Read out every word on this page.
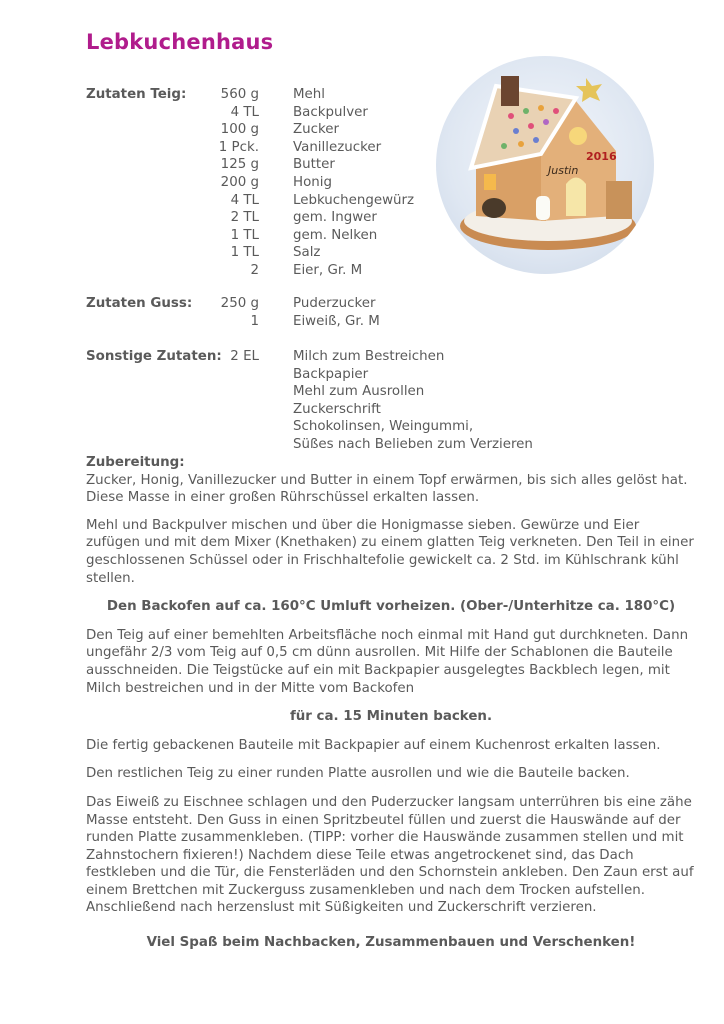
Lebkuchenhaus
Zutaten Teig:	560 g	Mehl
4 TL	Backpulver
100 g	Zucker
1 Pck.	Vanillezucker
125 g	Butter
200 g	Honig
4 TL	Lebkuchengewürz
2 TL	gem. Ingwer
1 TL	gem. Nelken
1 TL	Salz
2	Eier, Gr. M
Zutaten Guss:	250 g	Puderzucker
1	Eiweiß, Gr. M
Sonstige Zutaten: 2 EL	Milch zum Bestreichen
Backpapier
Mehl zum Ausrollen
Zuckerschrift
Schokolinsen, Weingummi,
Süßes nach Belieben zum Verzieren
Justin
2016
Zubereitung:

Zucker, Honig, Vanillezucker und Butter in einem Topf erwärmen, bis sich alles gelöst hat. Diese Masse in einer großen Rührschüssel erkalten lassen.

Mehl und Backpulver mischen und über die Honigmasse sieben. Gewürze und Eier zufügen und mit dem Mixer (Knethaken) zu einem glatten Teig verkneten. Den Teil in einer geschlossenen Schüssel oder in Frischhaltefolie gewickelt ca. 2 Std. im Kühlschrank kühl stellen.

Den Backofen auf ca. 160°C Umluft vorheizen. (Ober-/Unterhitze ca. 180°C)

Den Teig auf einer bemehlten Arbeitsfläche noch einmal mit Hand gut durchkneten. Dann ungefähr 2/3 vom Teig auf 0,5 cm dünn ausrollen. Mit Hilfe der Schablonen die Bauteile ausschneiden. Die Teigstücke auf ein mit Backpapier ausgelegtes Backblech legen, mit Milch bestreichen und in der Mitte vom Backofen

für ca. 15 Minuten backen.

Die fertig gebackenen Bauteile mit Backpapier auf einem Kuchenrost erkalten lassen.

Den restlichen Teig zu einer runden Platte ausrollen und wie die Bauteile backen.

Das Eiweiß zu Eischnee schlagen und den Puderzucker langsam unterrühren bis eine zähe Masse entsteht. Den Guss in einen Spritzbeutel füllen und zuerst die Hauswände auf der runden Platte zusammenkleben. (TIPP: vorher die Hauswände zusammen stellen und mit Zahnstochern fixieren!) Nachdem diese Teile etwas angetrockenet sind, das Dach festkleben und die Tür, die Fensterläden und den Schornstein ankleben. Den Zaun erst auf einem Brettchen mit Zuckerguss zusamenkleben und nach dem Trocken aufstellen. Anschließend nach herzenslust mit Süßigkeiten und Zuckerschrift verzieren.

Viel Spaß beim Nachbacken, Zusammenbauen und Verschenken!
